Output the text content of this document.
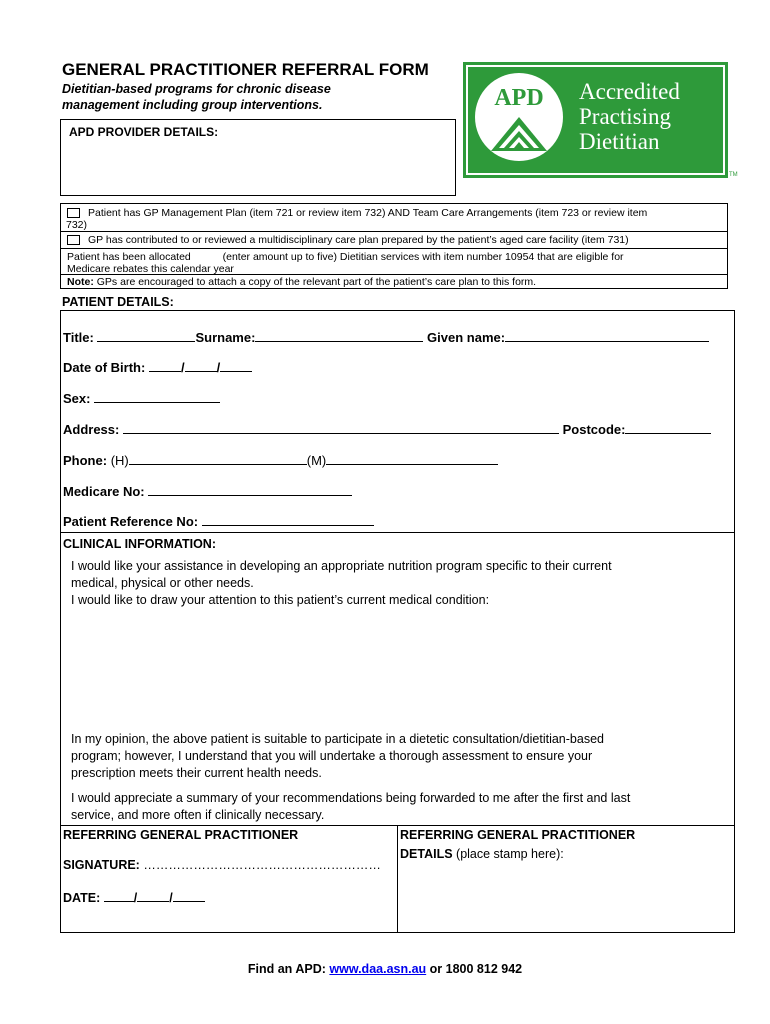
GENERAL PRACTITIONER REFERRAL FORM
Dietitian-based programs for chronic disease
management including group interventions.
APD PROVIDER DETAILS:
APD	Accredited
Practising
Dietitian
TM
Patient has GP Management Plan (item 721 or review item 732) AND Team Care Arrangements (item 723 or review item
732)
GP has contributed to or reviewed a multidisciplinary care plan prepared by the patient’s aged care facility (item 731)
Patient has been allocated	(enter amount up to five) Dietitian services with item number 10954 that are eligible for
Medicare rebates this calendar year
Note: GPs are encouraged to attach a copy of the relevant part of the patient’s care plan to this form.
PATIENT DETAILS:
Title:	Surname:	Given name:
Date of Birth:	/ /
Sex:
Address:	Postcode:
Phone: (H)	(M)
Medicare No:
Patient Reference No:
CLINICAL INFORMATION:
I would like your assistance in developing an appropriate nutrition program specific to their current
medical, physical or other needs.
I would like to draw your attention to this patient’s current medical condition:
In my opinion, the above patient is suitable to participate in a dietetic consultation/dietitian-based
program; however, I understand that you will undertake a thorough assessment to ensure your
prescription meets their current health needs.
I would appreciate a summary of your recommendations being forwarded to me after the first and last
service, and more often if clinically necessary.
REFERRING GENERAL PRACTITIONER
SIGNATURE: …………………………………………………
DATE:	/	/
REFERRING GENERAL PRACTITIONER
DETAILS (place stamp here):
Find an APD: www.daa.asn.au or 1800 812 942
